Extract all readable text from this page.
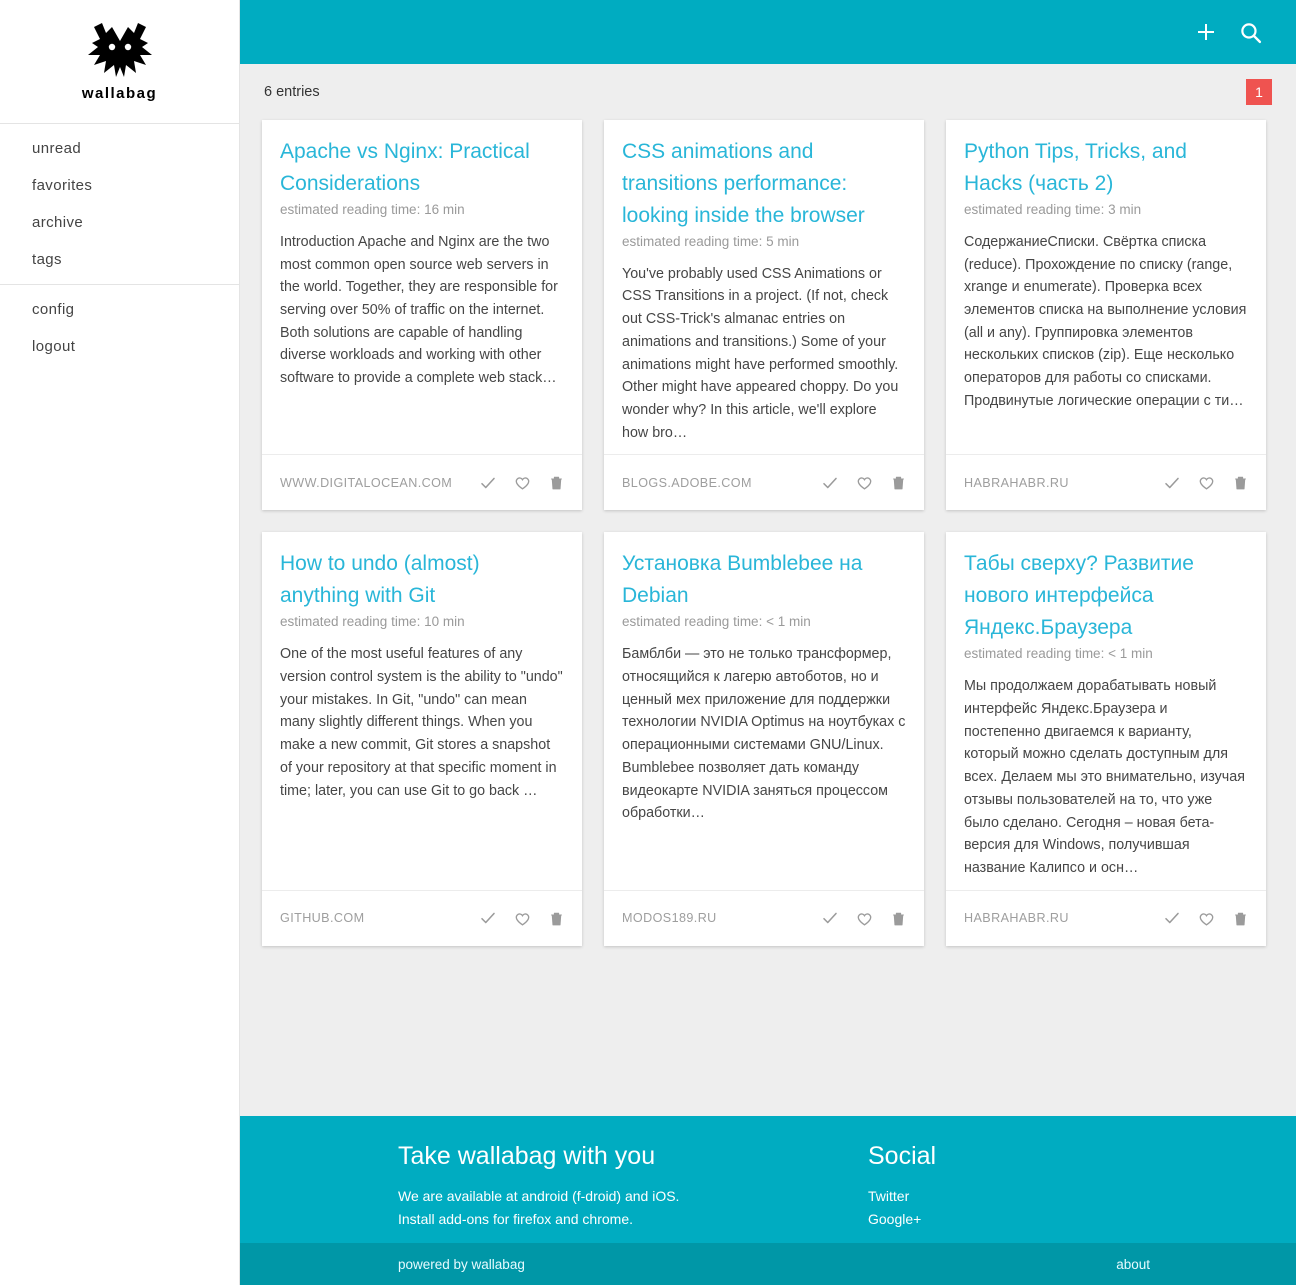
wallabag
unread
favorites
archive
tags
config
logout
6 entries	1
Apache vs Nginx: Practical Considerations

estimated reading time: 16 min

Introduction Apache and Nginx are the two most common open source web servers in the world. Together, they are responsible for serving over 50% of traffic on the internet. Both solutions are capable of handling diverse workloads and working with other software to provide a complete web stack…

WWW.DIGITALOCEAN.COM
CSS animations and transitions performance: looking inside the browser

estimated reading time: 5 min

You've probably used CSS Animations or CSS Transitions in a project. (If not, check out CSS-Trick's almanac entries on animations and transitions.) Some of your animations might have performed smoothly. Other might have appeared choppy. Do you wonder why? In this article, we'll explore how bro…

BLOGS.ADOBE.COM
Python Tips, Tricks, and Hacks (часть 2)

estimated reading time: 3 min

СодержаниеСписки. Свёртка списка (reduce). Прохождение по списку (range, xrange и enumerate). Проверка всех элементов списка на выполнение условия (all и any). Группировка элементов нескольких списков (zip). Еще несколько операторов для работы со списками. Продвинутые логические операции с ти…

HABRAHABR.RU
How to undo (almost) anything with Git

estimated reading time: 10 min

One of the most useful features of any version control system is the ability to "undo" your mistakes. In Git, "undo" can mean many slightly different things. When you make a new commit, Git stores a snapshot of your repository at that specific moment in time; later, you can use Git to go back …

GITHUB.COM
Установка Bumblebee на Debian

estimated reading time: < 1 min

Бамблби — это не только трансформер, относящийся к лагерю автоботов, но и ценный мех приложение для поддержки технологии NVIDIA Optimus на ноутбуках с операционными системами GNU/Linux. Bumblebee позволяет дать команду видеокарте NVIDIA заняться процессом обработки…

MODOS189.RU
Табы сверху? Развитие нового интерфейса Яндекс.Браузера

estimated reading time: < 1 min

Мы продолжаем дорабатывать новый интерфейс Яндекс.Браузера и постепенно двигаемся к варианту, который можно сделать доступным для всех. Делаем мы это внимательно, изучая отзывы пользователей на то, что уже было сделано. Сегодня – новая бета-версия для Windows, получившая название Калипсо и осн…

HABRAHABR.RU
Take wallabag with you

We are available at android (f-droid) and iOS.

Install add-ons for firefox and chrome.

Social
Twitter
Google+
powered by wallabag	about
